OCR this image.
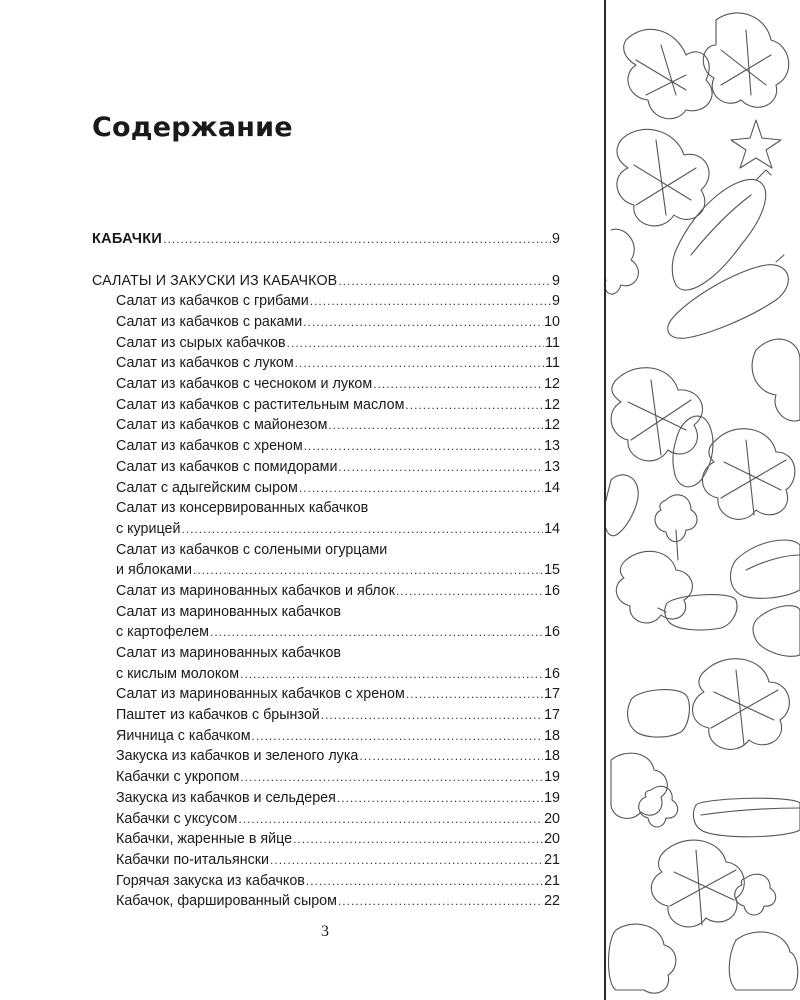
Содержание
КАБАЧКИ .....	9
САЛАТЫ И ЗАКУСКИ ИЗ КАБАЧКОВ .....	9
Салат из кабачков с грибами .....	9
Салат из кабачков с раками .....	10
Салат из сырых кабачков .....	11
Салат из кабачков с луком .....	11
Салат из кабачков с чесноком и луком .....	12
Салат из кабачков с растительным маслом .....	12
Салат из кабачков с майонезом .....	12
Салат из кабачков с хреном .....	13
Салат из кабачков с помидорами .....	13
Салат с адыгейским сыром .....	14
Салат из консервированных кабачков
с курицей .....	14
Салат из кабачков с солеными огурцами
и яблоками .....	15
Салат из маринованных кабачков и яблок .....	16
Салат из маринованных кабачков
с картофелем .....	16
Салат из маринованных кабачков
с кислым молоком .....	16
Салат из маринованных кабачков с хреном .....	17
Паштет из кабачков с брынзой .....	17
Яичница с кабачком .....	18
Закуска из кабачков и зеленого лука .....	18
Кабачки с укропом .....	19
Закуска из кабачков и сельдерея .....	19
Кабачки с уксусом .....	20
Кабачки, жаренные в яйце .....	20
Кабачки по-итальянски .....	21
Горячая закуска из кабачков .....	21
Кабачок, фаршированный сыром .....	22
3
